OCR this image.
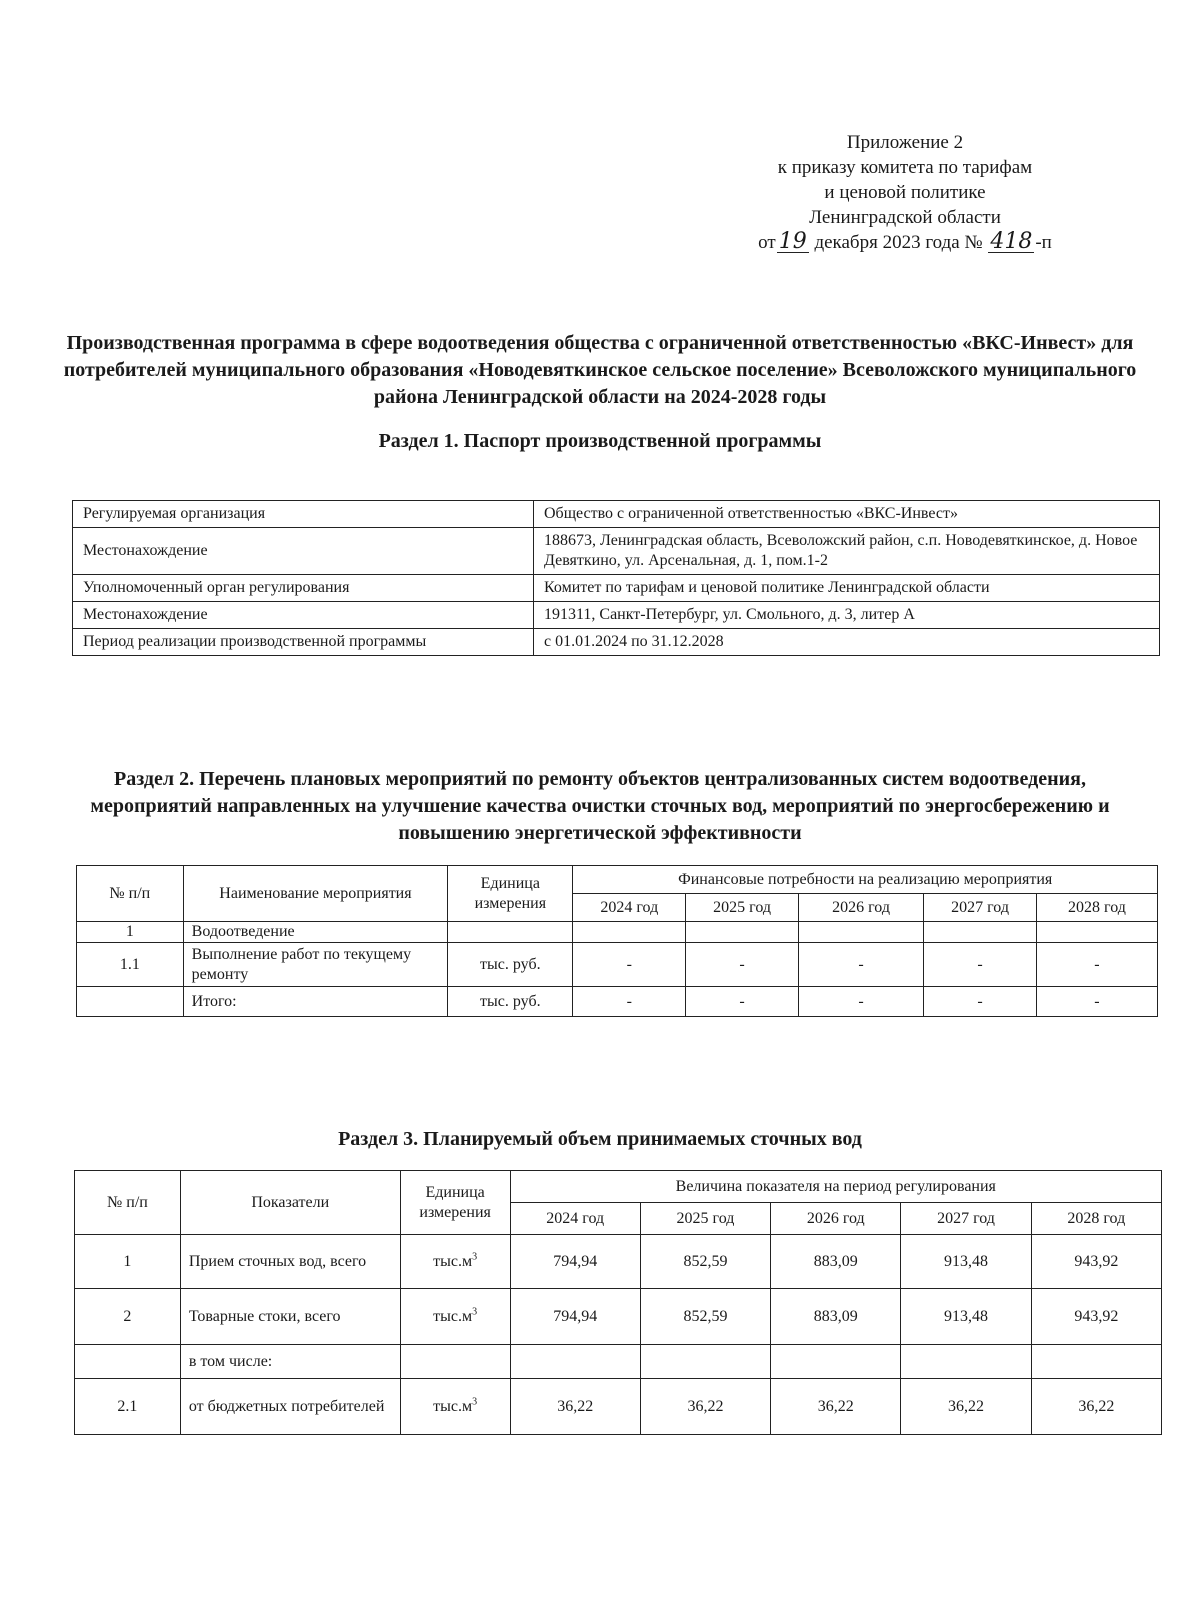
Приложение 2
к приказу комитета по тарифам
и ценовой политике
Ленинградской области
от 19 декабря 2023 года № 418 -п
Производственная программа в сфере водоотведения общества с ограниченной ответственностью «ВКС-Инвест» для потребителей муниципального образования «Новодевяткинское сельское поселение» Всеволожского муниципального района Ленинградской области на 2024-2028 годы
Раздел 1. Паспорт производственной программы
Регулируемая организация	Общество с ограниченной ответственностью «ВКС-Инвест»
Местонахождение	188673, Ленинградская область, Всеволожский район, с.п. Новодевяткинское, д. Новое Девяткино, ул. Арсенальная, д. 1, пом.1-2
Уполномоченный орган регулирования	Комитет по тарифам и ценовой политике Ленинградской области
Местонахождение	191311, Санкт-Петербург, ул. Смольного, д. 3, литер А
Период реализации производственной программы	с 01.01.2024 по 31.12.2028
Раздел 2. Перечень плановых мероприятий по ремонту объектов централизованных систем водоотведения, мероприятий направленных на улучшение качества очистки сточных вод, мероприятий по энергосбережению и повышению энергетической эффективности
№ п/п	Наименование мероприятия	Единица измерения	Финансовые потребности на реализацию мероприятия				
			2024 год	2025 год	2026 год	2027 год	2028 год
1	Водоотведение						
1.1	Выполнение работ по текущему ремонту	тыс. руб.	-	-	-	-	-
	Итого:	тыс. руб.	-	-	-	-	-
Раздел 3. Планируемый объем принимаемых сточных вод
№ п/п	Показатели	Единица измерения	Величина показателя на период регулирования				
			2024 год	2025 год	2026 год	2027 год	2028 год
1	Прием сточных вод, всего	$тыс.м^3$	794,94	852,59	883,09	913,48	943,92
2	Товарные стоки, всего	$тыс.м^3$	794,94	852,59	883,09	913,48	943,92
	в том числе:						
2.1	от бюджетных потребителей	$тыс.м^3$	36,22	36,22	36,22	36,22	36,22
